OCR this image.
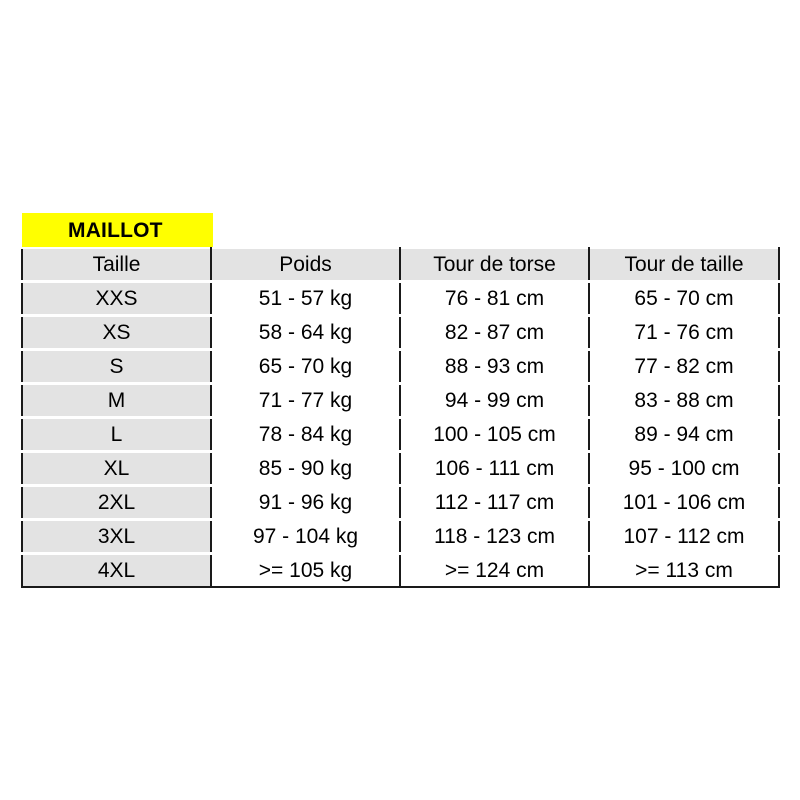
MAILLOT
Taille	Poids	Tour de torse	Tour de taille
XXS	51 - 57 kg	76 - 81 cm	65 - 70 cm
XS	58 - 64 kg	82 - 87 cm	71 - 76 cm
S	65 - 70 kg	88 - 93 cm	77 - 82 cm
M	71 - 77 kg	94 - 99 cm	83 - 88 cm
L	78 - 84 kg	100 - 105 cm	89 - 94 cm
XL	85 - 90 kg	106 - 111 cm	95 - 100 cm
2XL	91 - 96 kg	112 - 117 cm	101 - 106 cm
3XL	97 - 104 kg	118 - 123 cm	107 - 112 cm
4XL	>= 105 kg	>= 124 cm	>= 113 cm
